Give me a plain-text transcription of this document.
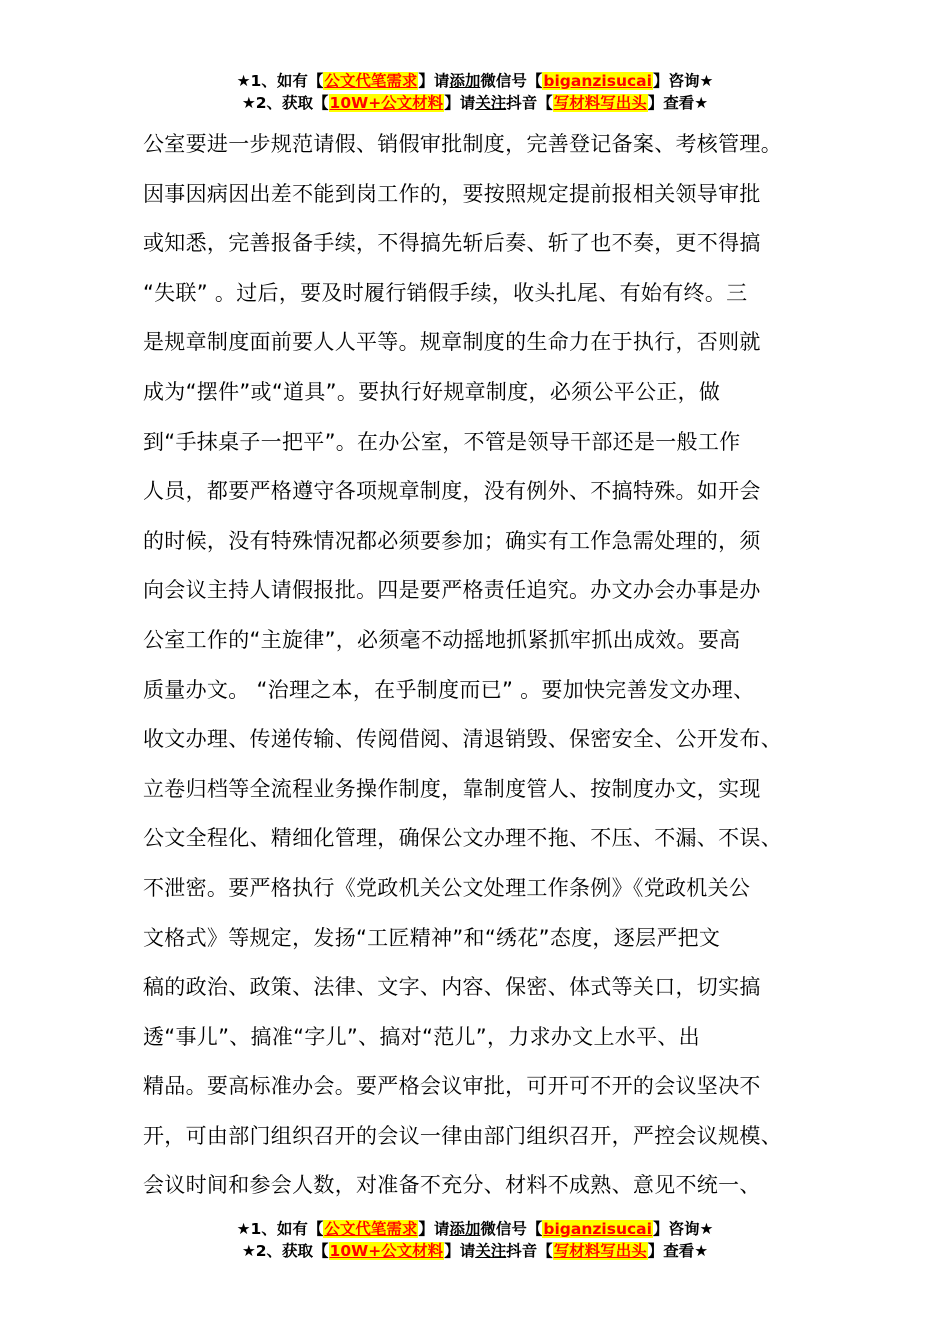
★1、如有【公文代笔需求】请添加微信号【biganzisucai】咨询★
★2、获取【10W+公文材料】请关注抖音【写材料写出头】查看★
公室要进一步规范请假、销假审批制度，完善登记备案、考核管理。
因事因病因出差不能到岗工作的，要按照规定提前报相关领导审批
或知悉，完善报备手续，不得搞先斩后奏、斩了也不奏，更不得搞
“失联” 。过后，要及时履行销假手续，收头扎尾、有始有终。三
是规章制度面前要人人平等。规章制度的生命力在于执行，否则就
成为“摆件”或“道具”。要执行好规章制度，必须公平公正，做
到“手抹桌子一把平”。在办公室，不管是领导干部还是一般工作
人员，都要严格遵守各项规章制度，没有例外、不搞特殊。如开会
的时候，没有特殊情况都必须要参加；确实有工作急需处理的，须
向会议主持人请假报批。四是要严格责任追究。办文办会办事是办
公室工作的“主旋律”，必须毫不动摇地抓紧抓牢抓出成效。要高
质量办文。 “治理之本，在乎制度而已” 。要加快完善发文办理、
收文办理、传递传输、传阅借阅、清退销毁、保密安全、公开发布、
立卷归档等全流程业务操作制度，靠制度管人、按制度办文，实现
公文全程化、精细化管理，确保公文办理不拖、不压、不漏、不误、
不泄密。要严格执行《党政机关公文处理工作条例》《党政机关公
文格式》等规定，发扬“工匠精神”和“绣花”态度，逐层严把文
稿的政治、政策、法律、文字、内容、保密、体式等关口，切实搞
透“事儿”、搞准“字儿”、搞对“范儿”，力求办文上水平、出
精品。要高标准办会。要严格会议审批，可开可不开的会议坚决不
开，可由部门组织召开的会议一律由部门组织召开，严控会议规模、
会议时间和参会人数，对准备不充分、材料不成熟、意见不统一、
★1、如有【公文代笔需求】请添加微信号【biganzisucai】咨询★
★2、获取【10W+公文材料】请关注抖音【写材料写出头】查看★
